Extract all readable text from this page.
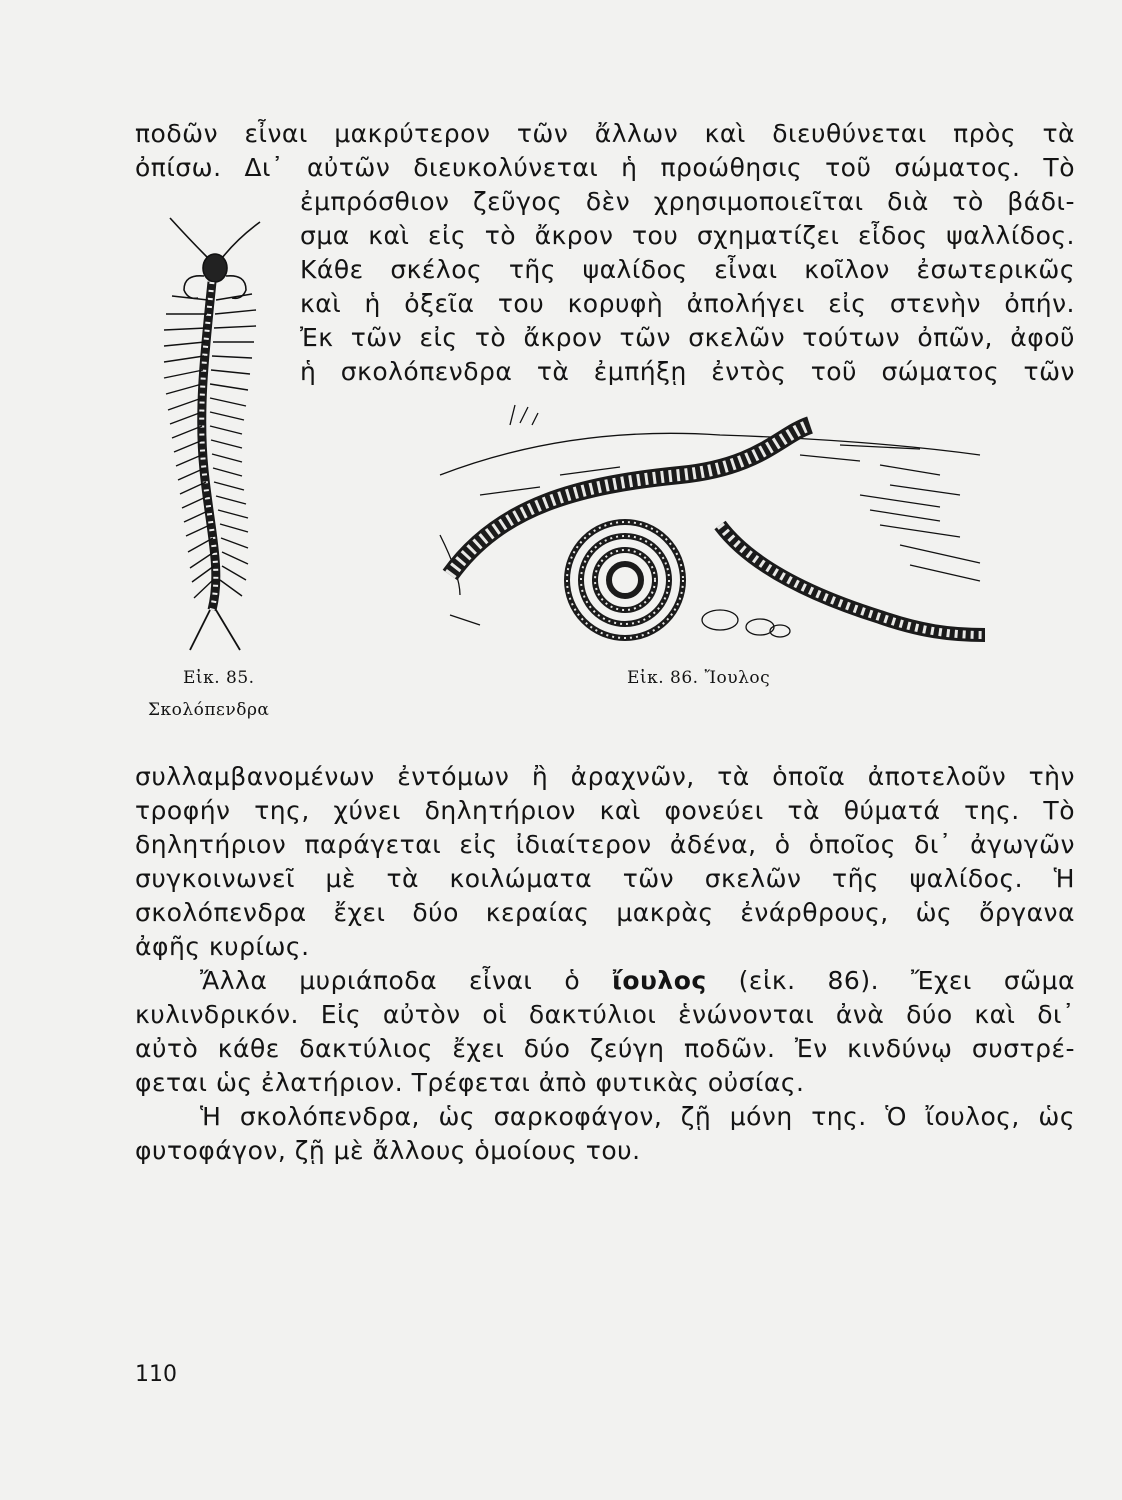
ποδῶν εἶναι μακρύτερον τῶν ἄλλων καὶ διευθύνεται πρὸς τὰ
ὀπίσω. Δι᾽ αὐτῶν διευκολύνεται ἡ προώθησις τοῦ σώματος. Τὸ
ἐμπρόσθιον ζεῦγος δὲν χρησιμοποιεῖται διὰ τὸ βάδι-
σμα καὶ εἰς τὸ ἄκρον του σχηματίζει εἶδος ψαλλίδος.
Κάθε σκέλος τῆς ψαλίδος εἶναι κοῖλον ἐσωτερικῶς
καὶ ἡ ὀξεῖα του κορυφὴ ἀπολήγει εἰς στενὴν ὀπήν.
Ἐκ τῶν εἰς τὸ ἄκρον τῶν σκελῶν τούτων ὀπῶν, ἀφοῦ
ἡ σκολόπενδρα τὰ ἐμπήξῃ ἐντὸς τοῦ σώματος τῶν
Εἰκ. 85.
Σκολόπενδρα
Εἰκ. 86. Ἴουλος
συλλαμβανομένων ἐντόμων ἢ ἀραχνῶν, τὰ ὁποῖα ἀποτελοῦν τὴν
τροφήν της, χύνει δηλητήριον καὶ φονεύει τὰ θύματά της. Τὸ
δηλητήριον παράγεται εἰς ἰδιαίτερον ἀδένα, ὁ ὁποῖος δι᾽ ἀγωγῶν
συγκοινωνεῖ μὲ τὰ κοιλώματα τῶν σκελῶν τῆς ψαλίδος. Ἡ
σκολόπενδρα ἔχει δύο κεραίας μακρὰς ἐνάρθρους, ὡς ὄργανα
ἀφῆς κυρίως.
Ἄλλα μυριάποδα εἶναι ὁ ἴουλος (εἰκ. 86). Ἔχει σῶμα
κυλινδρικόν. Εἰς αὐτὸν οἱ δακτύλιοι ἑνώνονται ἀνὰ δύο καὶ δι᾽
αὐτὸ κάθε δακτύλιος ἔχει δύο ζεύγη ποδῶν. Ἐν κινδύνῳ συστρέ-
φεται ὡς ἐλατήριον. Τρέφεται ἀπὸ φυτικὰς οὐσίας.
Ἡ σκολόπενδρα, ὡς σαρκοφάγον, ζῇ μόνη της. Ὁ ἴουλος, ὡς
φυτοφάγον, ζῇ μὲ ἄλλους ὁμοίους του.
110
